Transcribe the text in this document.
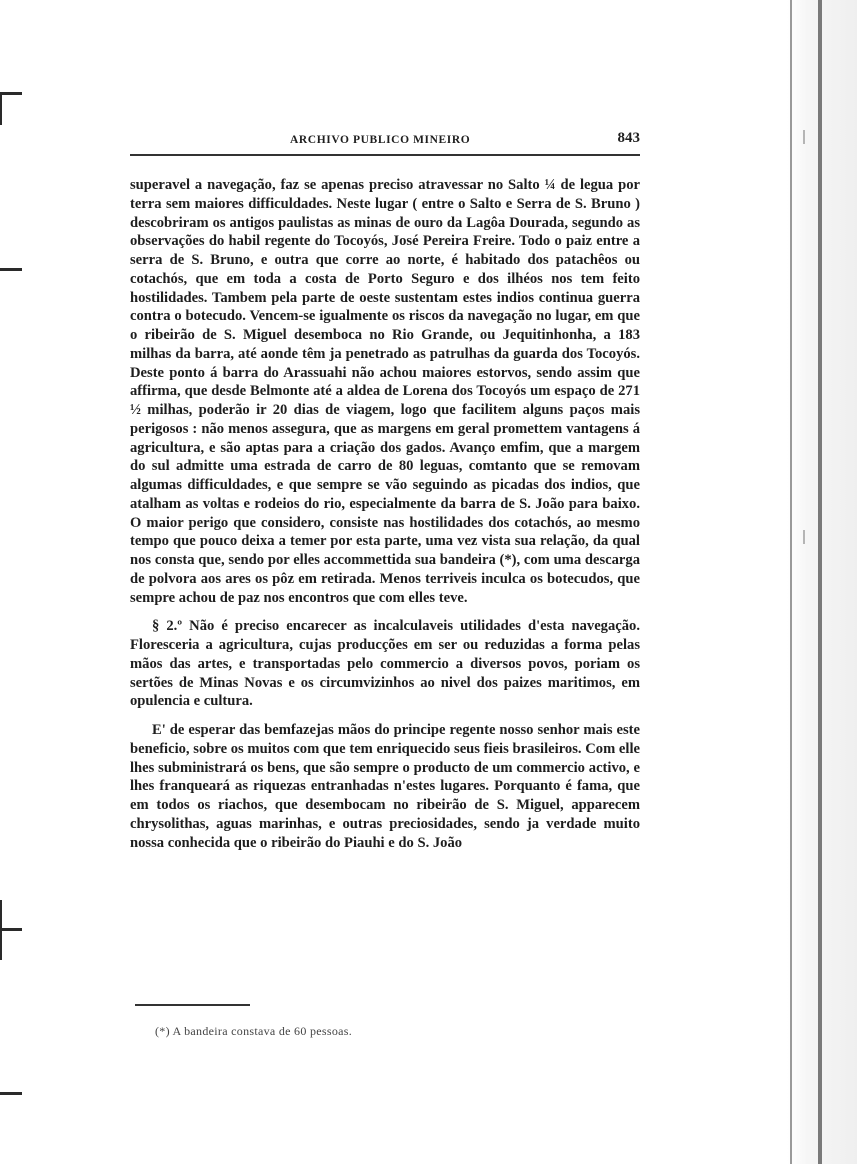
ARCHIVO PUBLICO MINEIRO	843

superavel a navegação, faz se apenas preciso atravessar no Salto ¼ de legua por terra sem maiores difficuldades. Neste lugar ( entre o Salto e Serra de S. Bruno ) descobriram os antigos paulistas as minas de ouro da Lagôa Dourada, segundo as observações do habil regente do Tocoyós, José Pereira Freire. Todo o paiz entre a serra de S. Bruno, e outra que corre ao norte, é habitado dos patachêos ou cotachós, que em toda a costa de Porto Seguro e dos ilhéos nos tem feito hostilidades. Tambem pela parte de oeste sustentam estes indios continua guerra contra o botecudo. Vencem-se igualmente os riscos da navegação no lugar, em que o ribeirão de S. Miguel desemboca no Rio Grande, ou Jequitinhonha, a 183 milhas da barra, até aonde têm ja penetrado as patrulhas da guarda dos Tocoyós. Deste ponto á barra do Arassuahi não achou maiores estorvos, sendo assim que affirma, que desde Belmonte até a aldea de Lorena dos Tocoyós um espaço de 271 ½ milhas, poderão ir 20 dias de viagem, logo que facilitem alguns paços mais perigosos : não menos assegura, que as margens em geral promettem vantagens á agricultura, e são aptas para a criação dos gados. Avanço emfim, que a margem do sul admitte uma estrada de carro de 80 leguas, comtanto que se removam algumas difficuldades, e que sempre se vão seguindo as picadas dos indios, que atalham as voltas e rodeios do rio, especialmente da barra de S. João para baixo. O maior perigo que considero, consiste nas hostilidades dos cotachós, ao mesmo tempo que pouco deixa a temer por esta parte, uma vez vista sua relação, da qual nos consta que, sendo por elles accommettida sua bandeira (*), com uma descarga de polvora aos ares os pôz em retirada. Menos terriveis inculca os botecudos, que sempre achou de paz nos encontros que com elles teve.

§ 2.º Não é preciso encarecer as incalculaveis utilidades d'esta navegação. Floresceria a agricultura, cujas producções em ser ou reduzidas a forma pelas mãos das artes, e transportadas pelo commercio a diversos povos, poriam os sertões de Minas Novas e os circumvizinhos ao nivel dos paizes maritimos, em opulencia e cultura.

E' de esperar das bemfazejas mãos do principe regente nosso senhor mais este beneficio, sobre os muitos com que tem enriquecido seus fieis brasileiros. Com elle lhes subministrará os bens, que são sempre o producto de um commercio activo, e lhes franqueará as riquezas entranhadas n'estes lugares. Porquanto é fama, que em todos os riachos, que desembocam no ribeirão de S. Miguel, apparecem chrysolithas, aguas marinhas, e outras preciosidades, sendo ja verdade muito nossa conhecida que o ribeirão do Piauhi e do S. João

(*) A bandeira constava de 60 pessoas.
